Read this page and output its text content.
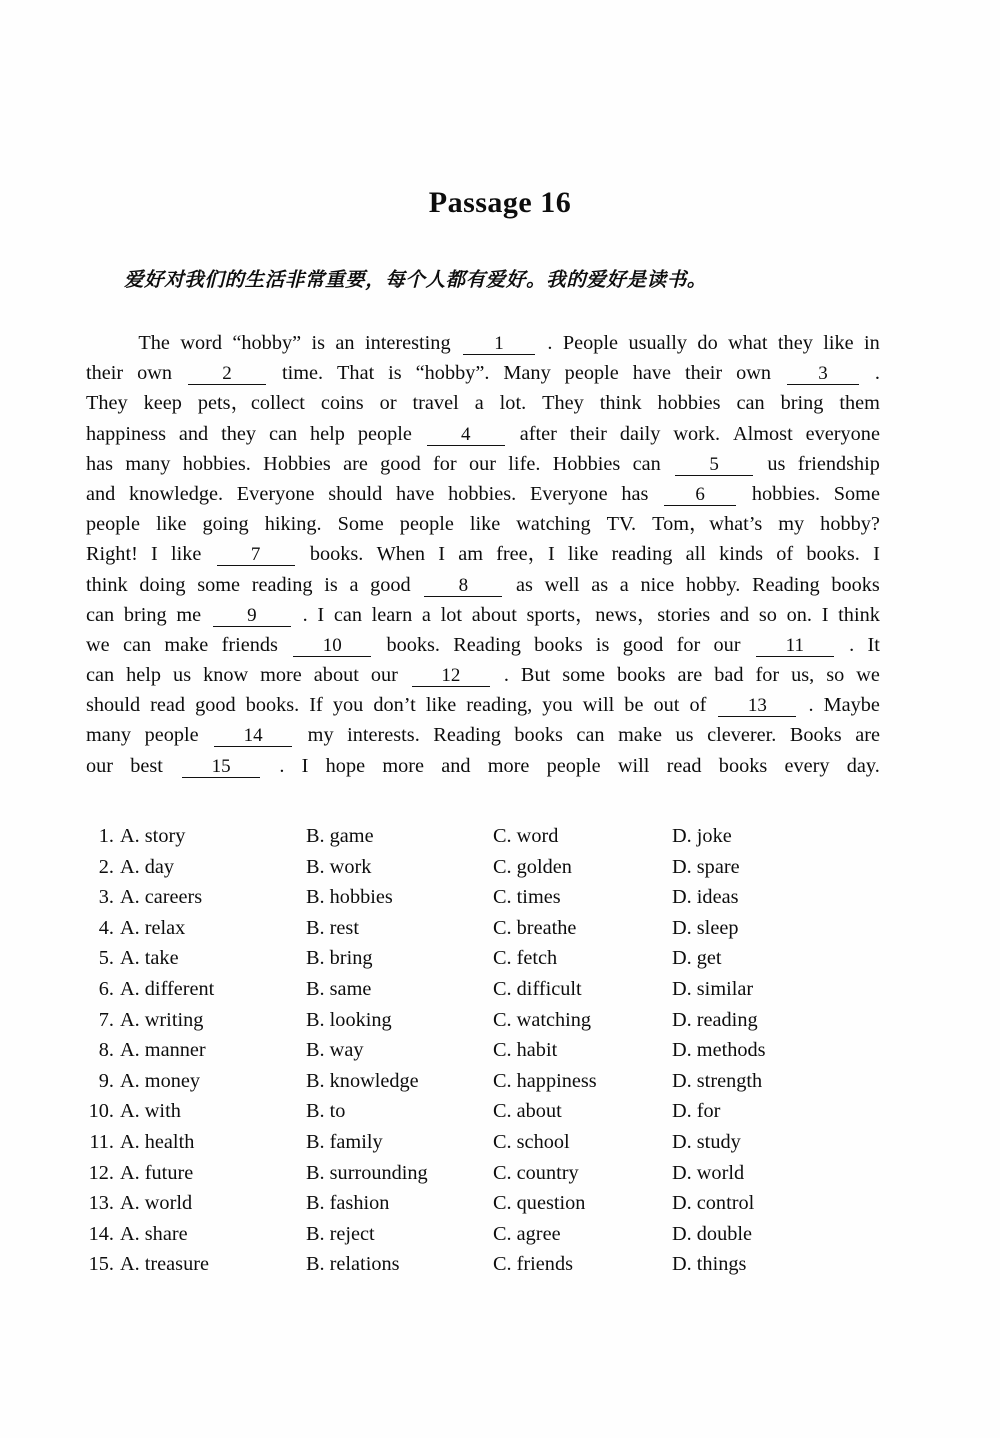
Passage 16
爱好对我们的生活非常重要，每个人都有爱好。我的爱好是读书。

The word “hobby” is an interesting	1	. People usually do what they like in
their own	2	time. That is “hobby”. Many people have their own	3	.
They keep pets，collect coins or travel a lot. They think hobbies can bring them
happiness and they can help people	4	after their daily work. Almost everyone
has many hobbies. Hobbies are good for our life. Hobbies can	5	us friendship
and knowledge. Everyone should have hobbies. Everyone has	6	hobbies. Some
people like going hiking. Some people like watching TV. Tom，what’s my hobby?
Right! I like	7	books. When I am free，I like reading all kinds of books. I
think doing some reading is a good	8	as well as a nice hobby. Reading books
can bring me	9	. I can learn a lot about sports，news，stories and so on. I think
we can make friends	10	books. Reading books is good for our	11	. It
can help us know more about our	12	. But some books are bad for us, so we
should read good books. If you don’t like reading, you will be out of	13	. Maybe
many people	14	my interests. Reading books can make us cleverer. Books are
our best	15	. I hope more and more people will read books every day.
1. A. story	B. game	C. word	D. joke
2. A. day	B. work	C. golden	D. spare
3. A. careers	B. hobbies	C. times	D. ideas
4. A. relax	B. rest	C. breathe	D. sleep
5. A. take	B. bring	C. fetch	D. get
6. A. different	B. same	C. difficult	D. similar
7. A. writing	B. looking	C. watching	D. reading
8. A. manner	B. way	C. habit	D. methods
9. A. money	B. knowledge	C. happiness	D. strength
10. A. with	B. to	C. about	D. for
11. A. health	B. family	C. school	D. study
12. A. future	B. surrounding	C. country	D. world
13. A. world	B. fashion	C. question	D. control
14. A. share	B. reject	C. agree	D. double
15. A. treasure	B. relations	C. friends	D. things
